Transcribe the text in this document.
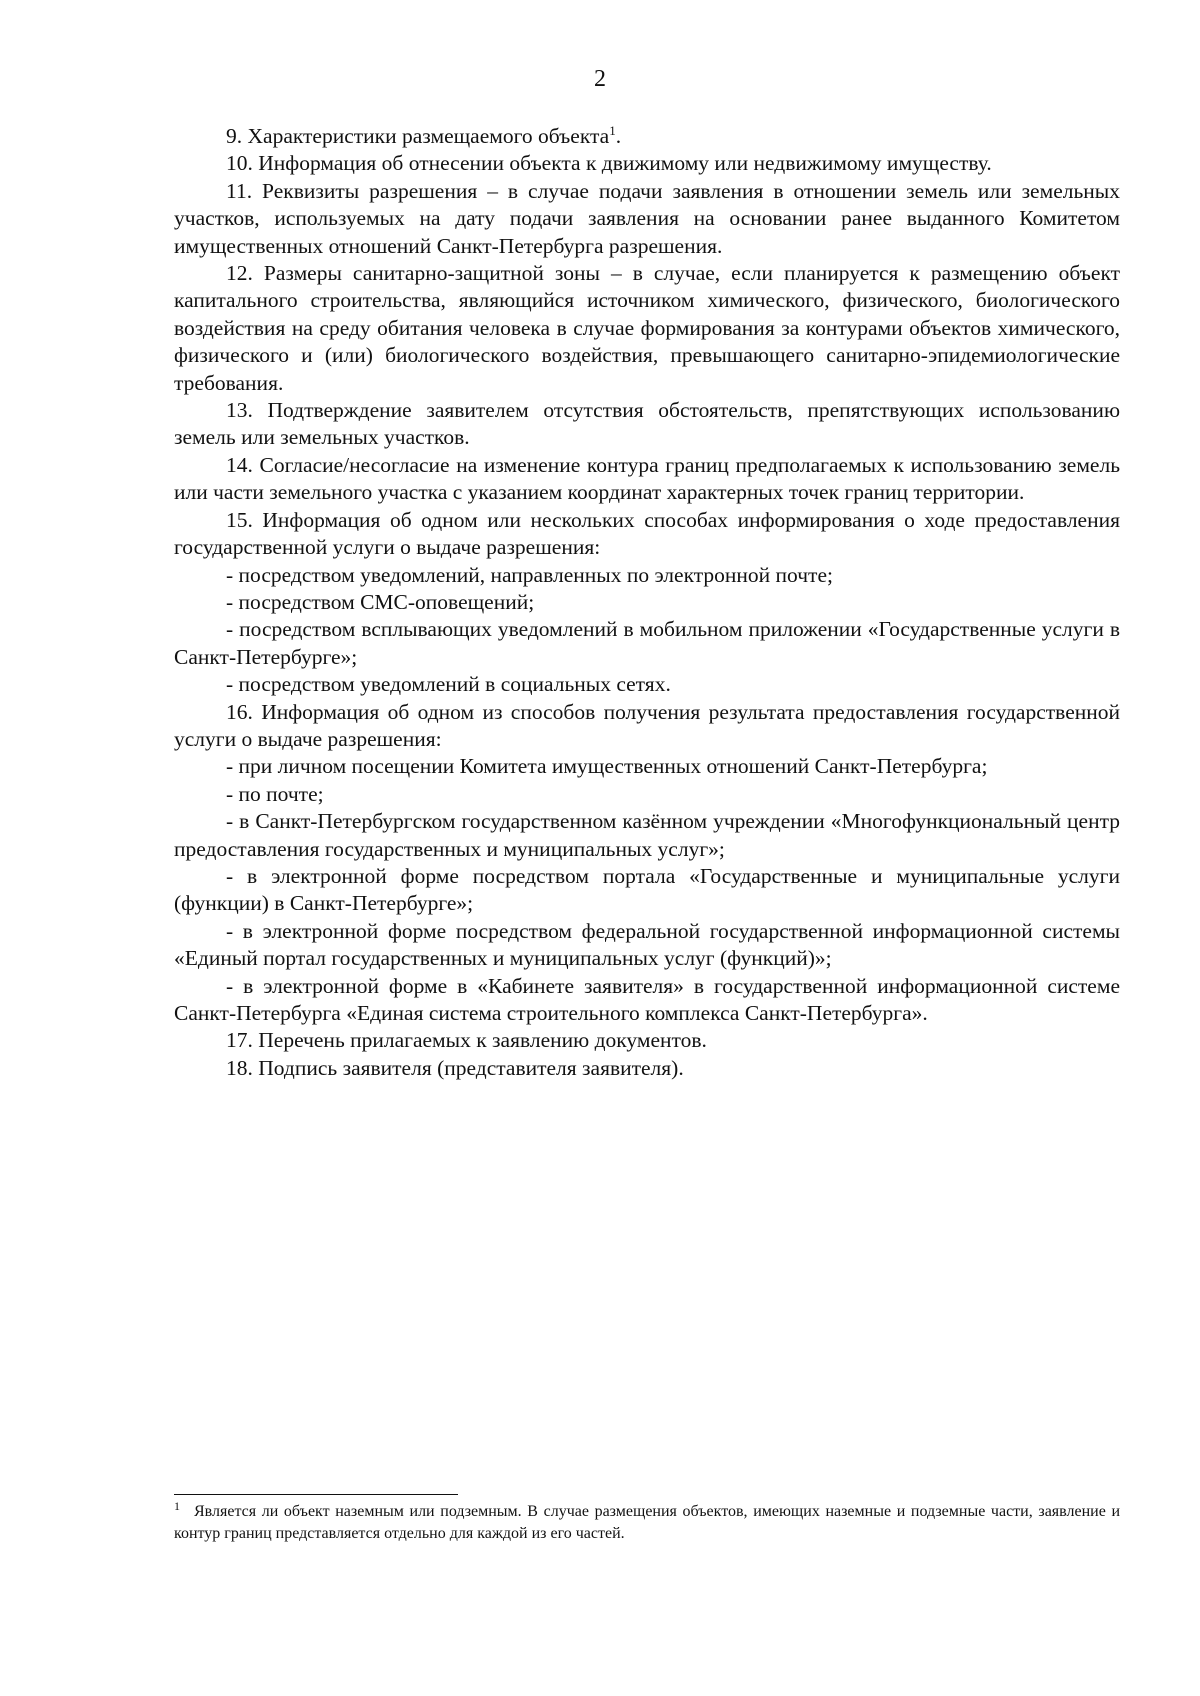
2

9. Характеристики размещаемого объекта$^1$.

10. Информация об отнесении объекта к движимому или недвижимому имуществу.

11. Реквизиты разрешения – в случае подачи заявления в отношении земель или земельных участков, используемых на дату подачи заявления на основании ранее выданного Комитетом имущественных отношений Санкт-Петербурга разрешения.

12. Размеры санитарно-защитной зоны – в случае, если планируется к размещению объект капитального строительства, являющийся источником химического, физического, биологического воздействия на среду обитания человека в случае формирования за контурами объектов химического, физического и (или) биологического воздействия, превышающего санитарно-эпидемиологические требования.

13. Подтверждение заявителем отсутствия обстоятельств, препятствующих использованию земель или земельных участков.

14. Согласие/несогласие на изменение контура границ предполагаемых к использованию земель или части земельного участка с указанием координат характерных точек границ территории.

15. Информация об одном или нескольких способах информирования о ходе предоставления государственной услуги о выдаче разрешения:

- посредством уведомлений, направленных по электронной почте;

- посредством СМС-оповещений;

- посредством всплывающих уведомлений в мобильном приложении «Государственные услуги в Санкт-Петербурге»;

- посредством уведомлений в социальных сетях.

16. Информация об одном из способов получения результата предоставления государственной услуги о выдаче разрешения:

- при личном посещении Комитета имущественных отношений Санкт-Петербурга;

- по почте;

- в Санкт-Петербургском государственном казённом учреждении «Многофункциональный центр предоставления государственных и муниципальных услуг»;

- в электронной форме посредством портала «Государственные и муниципальные услуги (функции) в Санкт-Петербурге»;

- в электронной форме посредством федеральной государственной информационной системы «Единый портал государственных и муниципальных услуг (функций)»;

- в электронной форме в «Кабинете заявителя» в государственной информационной системе Санкт-Петербурга «Единая система строительного комплекса Санкт-Петербурга».

17. Перечень прилагаемых к заявлению документов.

18. Подпись заявителя (представителя заявителя).

$^1$ Является ли объект наземным или подземным. В случае размещения объектов, имеющих наземные и подземные части, заявление и контур границ представляется отдельно для каждой из его частей.
